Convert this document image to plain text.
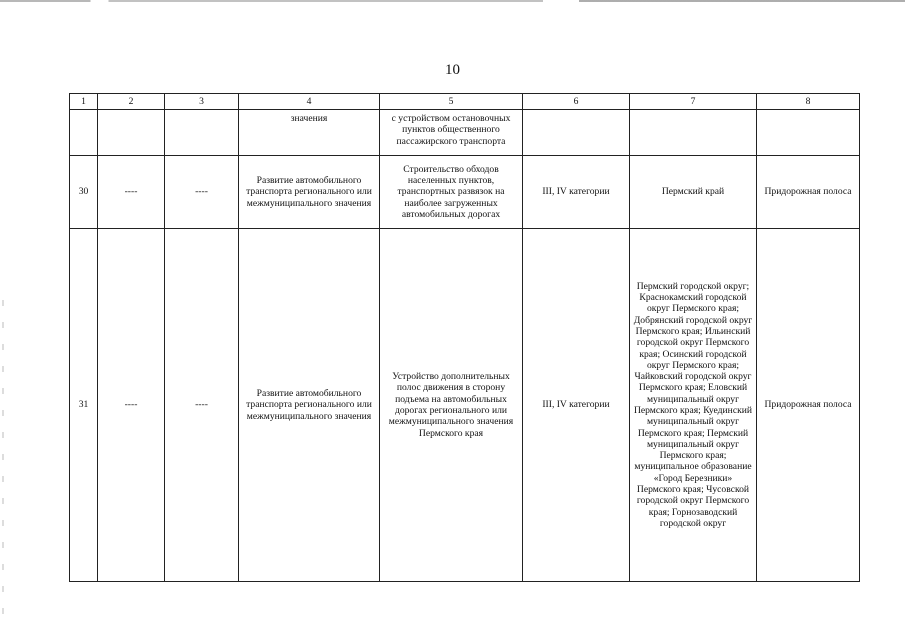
10
1	2	3	4	5	6	7	8
			значения	с устройством остановочных пунктов общественного пассажирского транспорта			
30	----	----	Развитие автомобильного транспорта регионального или межмуниципального значения	Строительство обходов населенных пунктов, транспортных развязок на наиболее загруженных автомобильных дорогах	III, IV категории	Пермский край	Придорожная полоса
31	----	----	Развитие автомобильного транспорта регионального или межмуниципального значения	Устройство дополнительных полос движения в сторону подъема на автомобильных дорогах регионального или межмуниципального значения Пермского края	III, IV категории	Пермский городской округ; Краснокамский городской округ Пермского края; Добрянский городской округ Пермского края; Ильинский городской округ Пермского края; Осинский городской округ Пермского края; Чайковский городской округ Пермского края; Еловский муниципальный округ Пермского края; Куединский муниципальный округ Пермского края; Пермский муниципальный округ Пермского края; муниципальное образование «Город Березники» Пермского края; Чусовской городской округ Пермского края; Горнозаводский городской округ	Придорожная полоса
